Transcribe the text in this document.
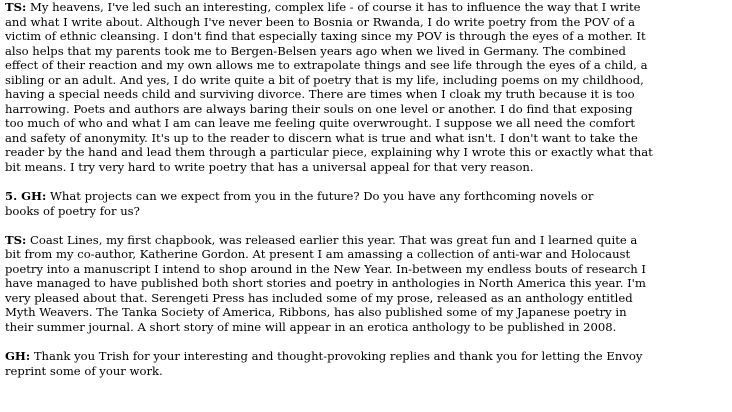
TS: My heavens, I've led such an interesting, complex life - of course it has to influence the way that I write
and what I write about. Although I've never been to Bosnia or Rwanda, I do write poetry from the POV of a
victim of ethnic cleansing. I don't find that especially taxing since my POV is through the eyes of a mother. It
also helps that my parents took me to Bergen-Belsen years ago when we lived in Germany. The combined
effect of their reaction and my own allows me to extrapolate things and see life through the eyes of a child, a
sibling or an adult. And yes, I do write quite a bit of poetry that is my life, including poems on my childhood,
having a special needs child and surviving divorce. There are times when I cloak my truth because it is too
harrowing. Poets and authors are always baring their souls on one level or another. I do find that exposing
too much of who and what I am can leave me feeling quite overwrought. I suppose we all need the comfort
and safety of anonymity. It's up to the reader to discern what is true and what isn't. I don't want to take the
reader by the hand and lead them through a particular piece, explaining why I wrote this or exactly what that
bit means. I try very hard to write poetry that has a universal appeal for that very reason.
5. GH: What projects can we expect from you in the future? Do you have any forthcoming novels or
books of poetry for us?
TS: Coast Lines, my first chapbook, was released earlier this year. That was great fun and I learned quite a
bit from my co-author, Katherine Gordon. At present I am amassing a collection of anti-war and Holocaust
poetry into a manuscript I intend to shop around in the New Year. In-between my endless bouts of research I
have managed to have published both short stories and poetry in anthologies in North America this year. I'm
very pleased about that. Serengeti Press has included some of my prose, released as an anthology entitled
Myth Weavers. The Tanka Society of America, Ribbons, has also published some of my Japanese poetry in
their summer journal. A short story of mine will appear in an erotica anthology to be published in 2008.
GH: Thank you Trish for your interesting and thought-provoking replies and thank you for letting the Envoy
reprint some of your work.
